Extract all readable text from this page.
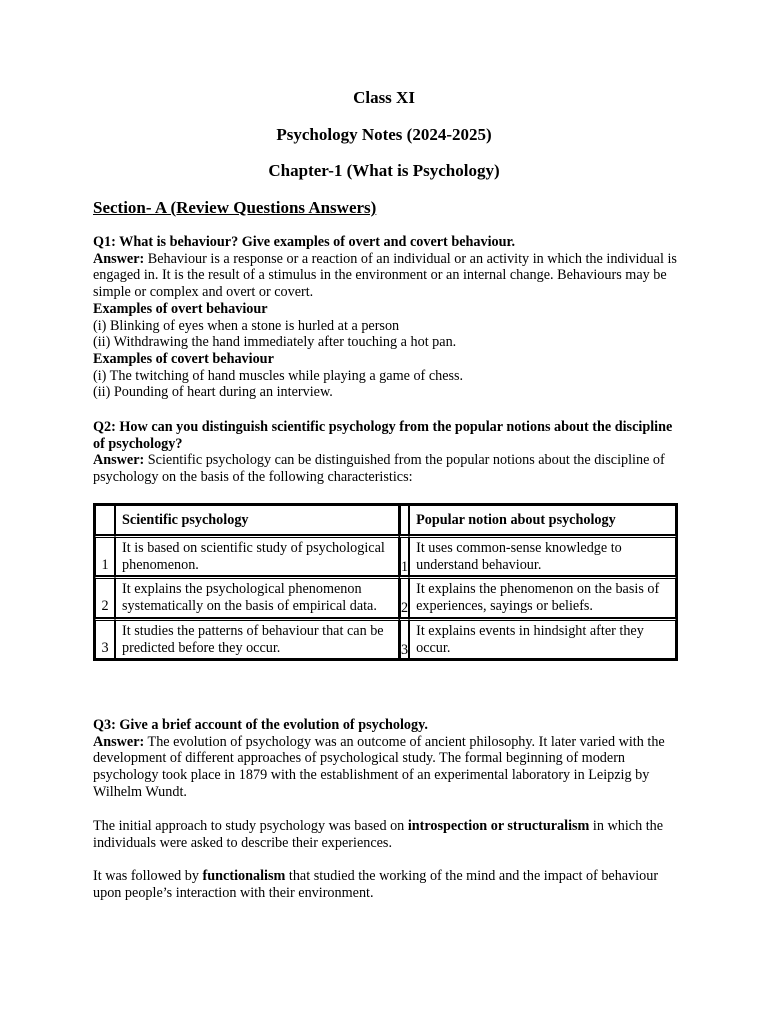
Class XI
Psychology Notes (2024-2025)
Chapter-1 (What is Psychology)
Section- A (Review Questions Answers)
Q1: What is behaviour? Give examples of overt and covert behaviour.
Answer: Behaviour is a response or a reaction of an individual or an activity in which the individual is engaged in. It is the result of a stimulus in the environment or an internal change. Behaviours may be simple or complex and overt or covert.
Examples of overt behaviour
(i) Blinking of eyes when a stone is hurled at a person
(ii) Withdrawing the hand immediately after touching a hot pan.
Examples of covert behaviour
(i) The twitching of hand muscles while playing a game of chess.
(ii) Pounding of heart during an interview.
Q2: How can you distinguish scientific psychology from the popular notions about the discipline of psychology?
Answer: Scientific psychology can be distinguished from the popular notions about the discipline of psychology on the basis of the following characteristics:
	Scientific psychology		Popular notion about psychology
1	It is based on scientific study of psychological phenomenon.	1	It uses common-sense knowledge to understand behaviour.
2	It explains the psychological phenomenon systematically on the basis of empirical data.	2	It explains the phenomenon on the basis of experiences, sayings or beliefs.
3	It studies the patterns of behaviour that can be predicted before they occur.	3	It explains events in hindsight after they occur.
Q3: Give a brief account of the evolution of psychology.
Answer: The evolution of psychology was an outcome of ancient philosophy. It later varied with the development of different approaches of psychological study. The formal beginning of modern psychology took place in 1879 with the establishment of an experimental laboratory in Leipzig by Wilhelm Wundt.
The initial approach to study psychology was based on introspection or structuralism in which the individuals were asked to describe their experiences.
It was followed by functionalism that studied the working of the mind and the impact of behaviour upon people’s interaction with their environment.
